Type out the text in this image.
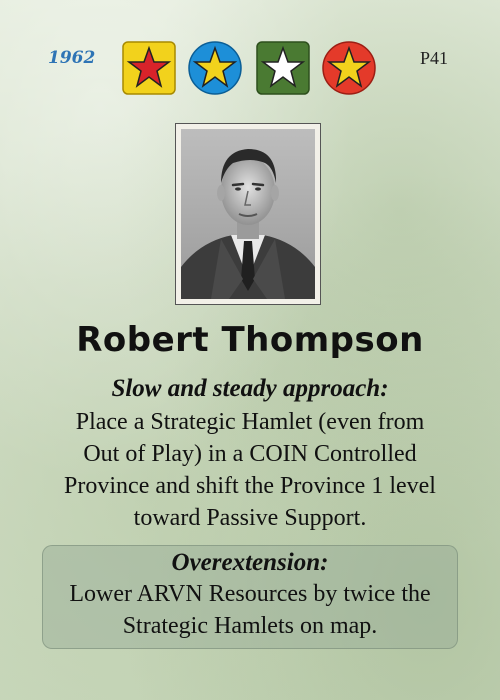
1962	P41
Robert Thompson
Slow and steady approach:
Place a Strategic Hamlet (even from
Out of Play) in a COIN Controlled
Province and shift the Province 1 level
toward Passive Support.
Overextension:
Lower ARVN Resources by twice the
Strategic Hamlets on map.
